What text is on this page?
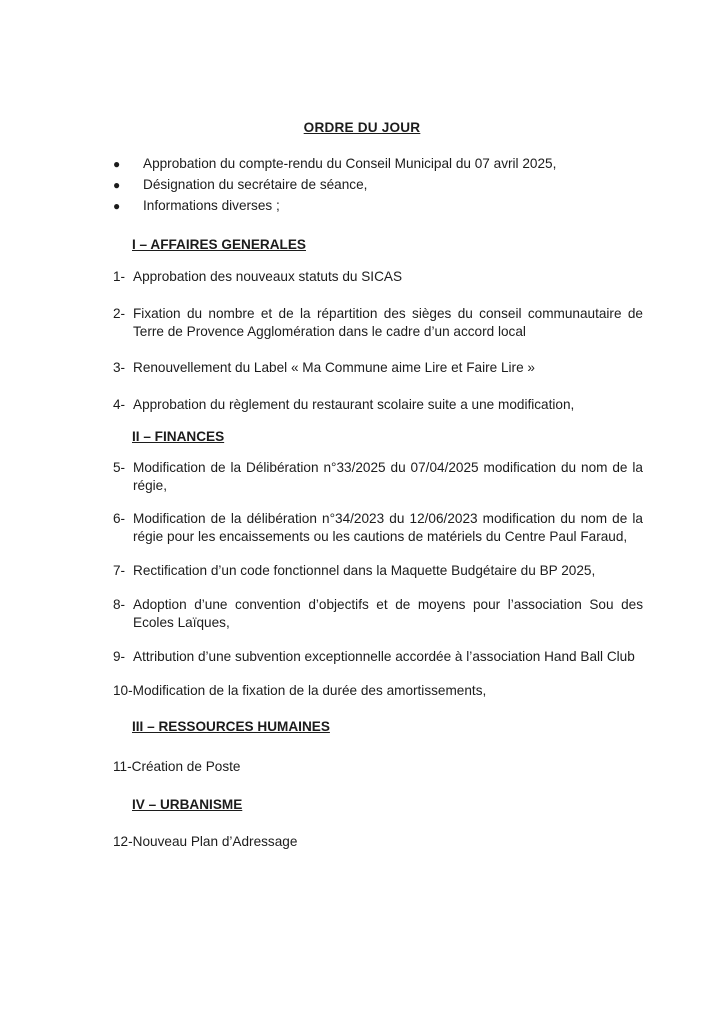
ORDRE DU JOUR
● Approbation du compte-rendu du Conseil Municipal du 07 avril 2025,
● Désignation du secrétaire de séance,
● Informations diverses ;
I – AFFAIRES GENERALES
1- Approbation des nouveaux statuts du SICAS
2- Fixation du nombre et de la répartition des sièges du conseil communautaire de Terre de Provence Agglomération dans le cadre d’un accord local
3- Renouvellement du Label « Ma Commune aime Lire et Faire Lire »
4- Approbation du règlement du restaurant scolaire suite a une modification,
II – FINANCES
5- Modification de la Délibération n°33/2025 du 07/04/2025 modification du nom de la régie,
6- Modification de la délibération n°34/2023 du 12/06/2023 modification du nom de la régie pour les encaissements ou les cautions de matériels du Centre Paul Faraud,
7- Rectification d’un code fonctionnel dans la Maquette Budgétaire du BP 2025,
8- Adoption d’une convention d’objectifs et de moyens pour l’association Sou des Ecoles Laïques,
9- Attribution d’une subvention exceptionnelle accordée à l’association Hand Ball Club
10-Modification de la fixation de la durée des amortissements,
III – RESSOURCES HUMAINES
11-Création de Poste
IV – URBANISME
12-Nouveau Plan d’Adressage
